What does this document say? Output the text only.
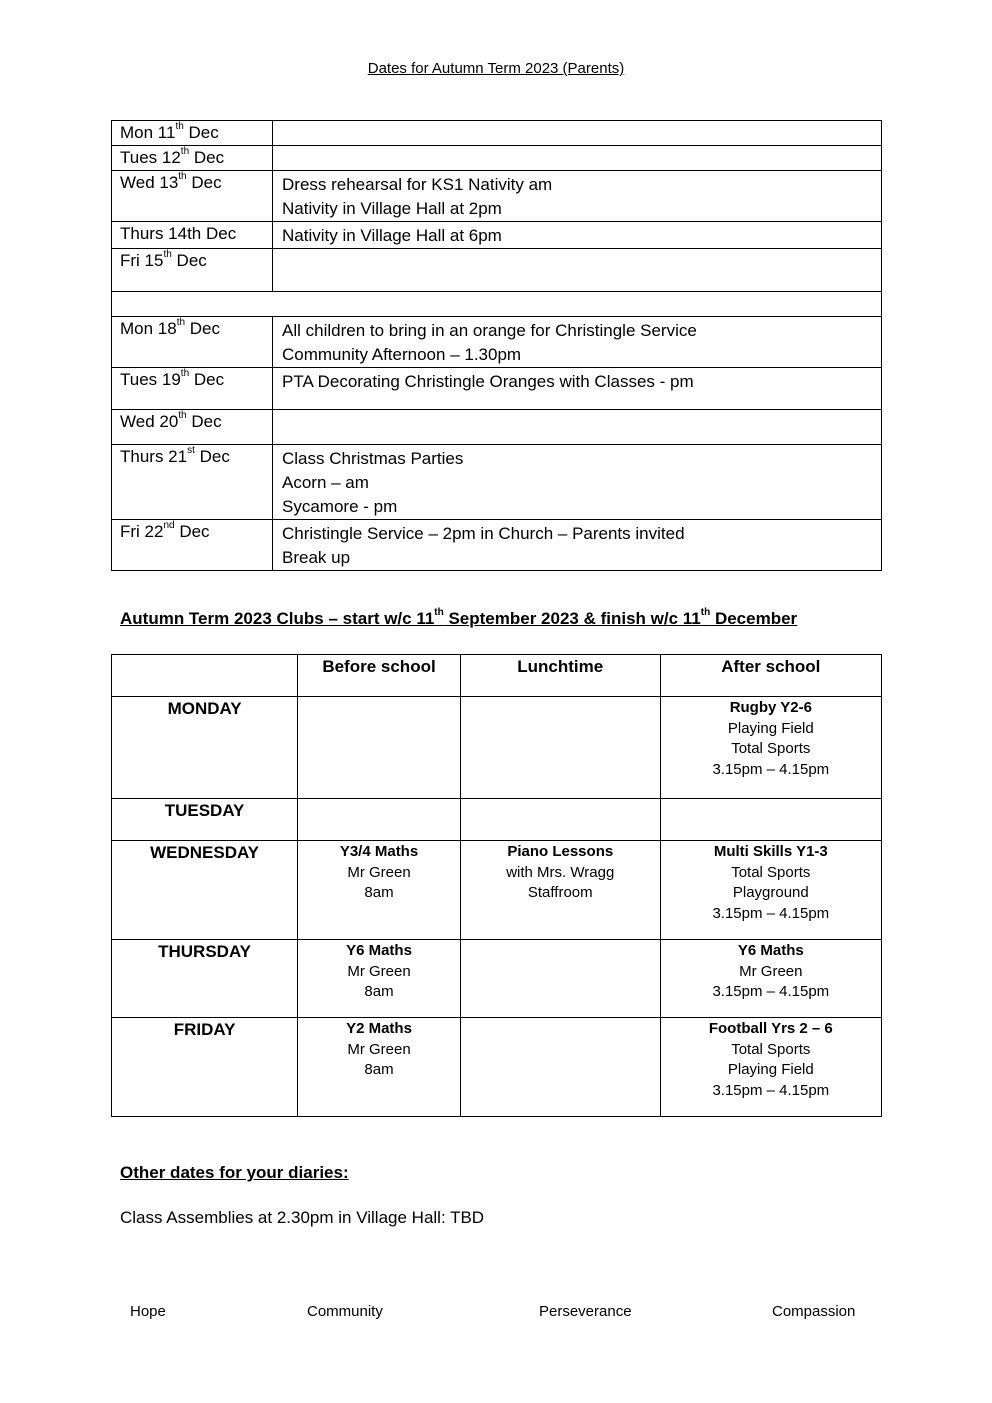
Dates for Autumn Term 2023 (Parents)
Mon 11th Dec	
Tues 12th Dec	
Wed 13th Dec	Dress rehearsal for KS1 Nativity am
Nativity in Village Hall at 2pm

Thurs 14th Dec	Nativity in Village Hall at 6pm

Fri 15th Dec	

Mon 18th Dec	All children to bring in an orange for Christingle Service
Community Afternoon – 1.30pm

Tues 19th Dec	PTA Decorating Christingle Oranges with Classes - pm

Wed 20th Dec	
Thurs 21st Dec	Class Christmas Parties
Acorn – am
Sycamore - pm

Fri 22nd Dec	Christingle Service – 2pm in Church – Parents invited
Break up
Autumn Term 2023 Clubs – start w/c 11th September 2023 & finish w/c 11th December
	Before school	Lunchtime	After school
MONDAY			Rugby Y2-6
Playing Field
Total Sports
3.15pm – 4.15pm

TUESDAY			
WEDNESDAY	Y3/4 Maths
Mr Green
8am	Piano Lessons
with Mrs. Wragg
Staffroom	Multi Skills Y1-3
Total Sports
Playground
3.15pm – 4.15pm

THURSDAY	Y6 Maths
Mr Green
8am		Y6 Maths
Mr Green
3.15pm – 4.15pm

FRIDAY	Y2 Maths
Mr Green
8am		Football Yrs 2 – 6
Total Sports
Playing Field
3.15pm – 4.15pm
Other dates for your diaries:
Class Assemblies at 2.30pm in Village Hall: TBD
Hope	Community	Perseverance	Compassion
